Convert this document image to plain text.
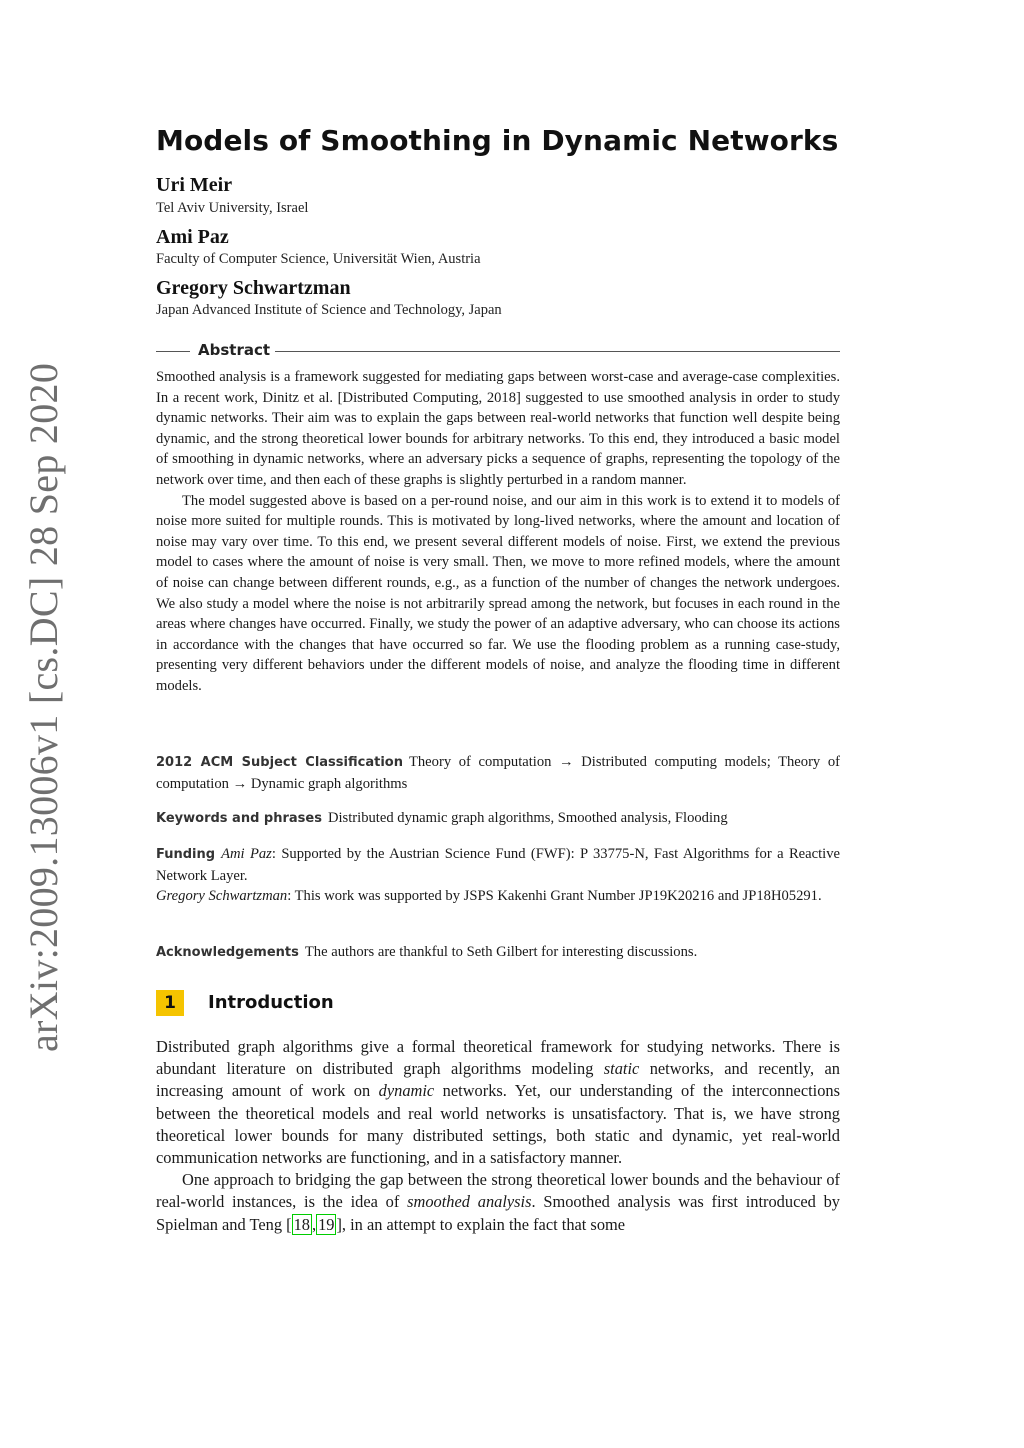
arXiv:2009.13006v1 [cs.DC] 28 Sep 2020
Models of Smoothing in Dynamic Networks
Uri Meir
Tel Aviv University, Israel
Ami Paz
Faculty of Computer Science, Universität Wien, Austria
Gregory Schwartzman
Japan Advanced Institute of Science and Technology, Japan
Abstract

Smoothed analysis is a framework suggested for mediating gaps between worst-case and average-case complexities. In a recent work, Dinitz et al. [Distributed Computing, 2018] suggested to use smoothed analysis in order to study dynamic networks. Their aim was to explain the gaps between real-world networks that function well despite being dynamic, and the strong theoretical lower bounds for arbitrary networks. To this end, they introduced a basic model of smoothing in dynamic networks, where an adversary picks a sequence of graphs, representing the topology of the network over time, and then each of these graphs is slightly perturbed in a random manner.

The model suggested above is based on a per-round noise, and our aim in this work is to extend it to models of noise more suited for multiple rounds. This is motivated by long-lived networks, where the amount and location of noise may vary over time. To this end, we present several different models of noise. First, we extend the previous model to cases where the amount of noise is very small. Then, we move to more refined models, where the amount of noise can change between different rounds, e.g., as a function of the number of changes the network undergoes. We also study a model where the noise is not arbitrarily spread among the network, but focuses in each round in the areas where changes have occurred. Finally, we study the power of an adaptive adversary, who can choose its actions in accordance with the changes that have occurred so far. We use the flooding problem as a running case-study, presenting very different behaviors under the different models of noise, and analyze the flooding time in different models.

2012 ACM Subject Classification Theory of computation → Distributed computing models; Theory of computation → Dynamic graph algorithms

Keywords and phrases Distributed dynamic graph algorithms, Smoothed analysis, Flooding

Funding Ami Paz: Supported by the Austrian Science Fund (FWF): P 33775-N, Fast Algorithms for a Reactive Network Layer.

Gregory Schwartzman: This work was supported by JSPS Kakenhi Grant Number JP19K20216 and JP18H05291.

Acknowledgements The authors are thankful to Seth Gilbert for interesting discussions.

1	Introduction

Distributed graph algorithms give a formal theoretical framework for studying networks. There is abundant literature on distributed graph algorithms modeling static networks, and recently, an increasing amount of work on dynamic networks. Yet, our understanding of the interconnections between the theoretical models and real world networks is unsatisfactory. That is, we have strong theoretical lower bounds for many distributed settings, both static and dynamic, yet real-world communication networks are functioning, and in a satisfactory manner.

One approach to bridging the gap between the strong theoretical lower bounds and the behaviour of real-world instances, is the idea of smoothed analysis. Smoothed analysis was first introduced by Spielman and Teng [ 18 , 19 ], in an attempt to explain the fact that some
